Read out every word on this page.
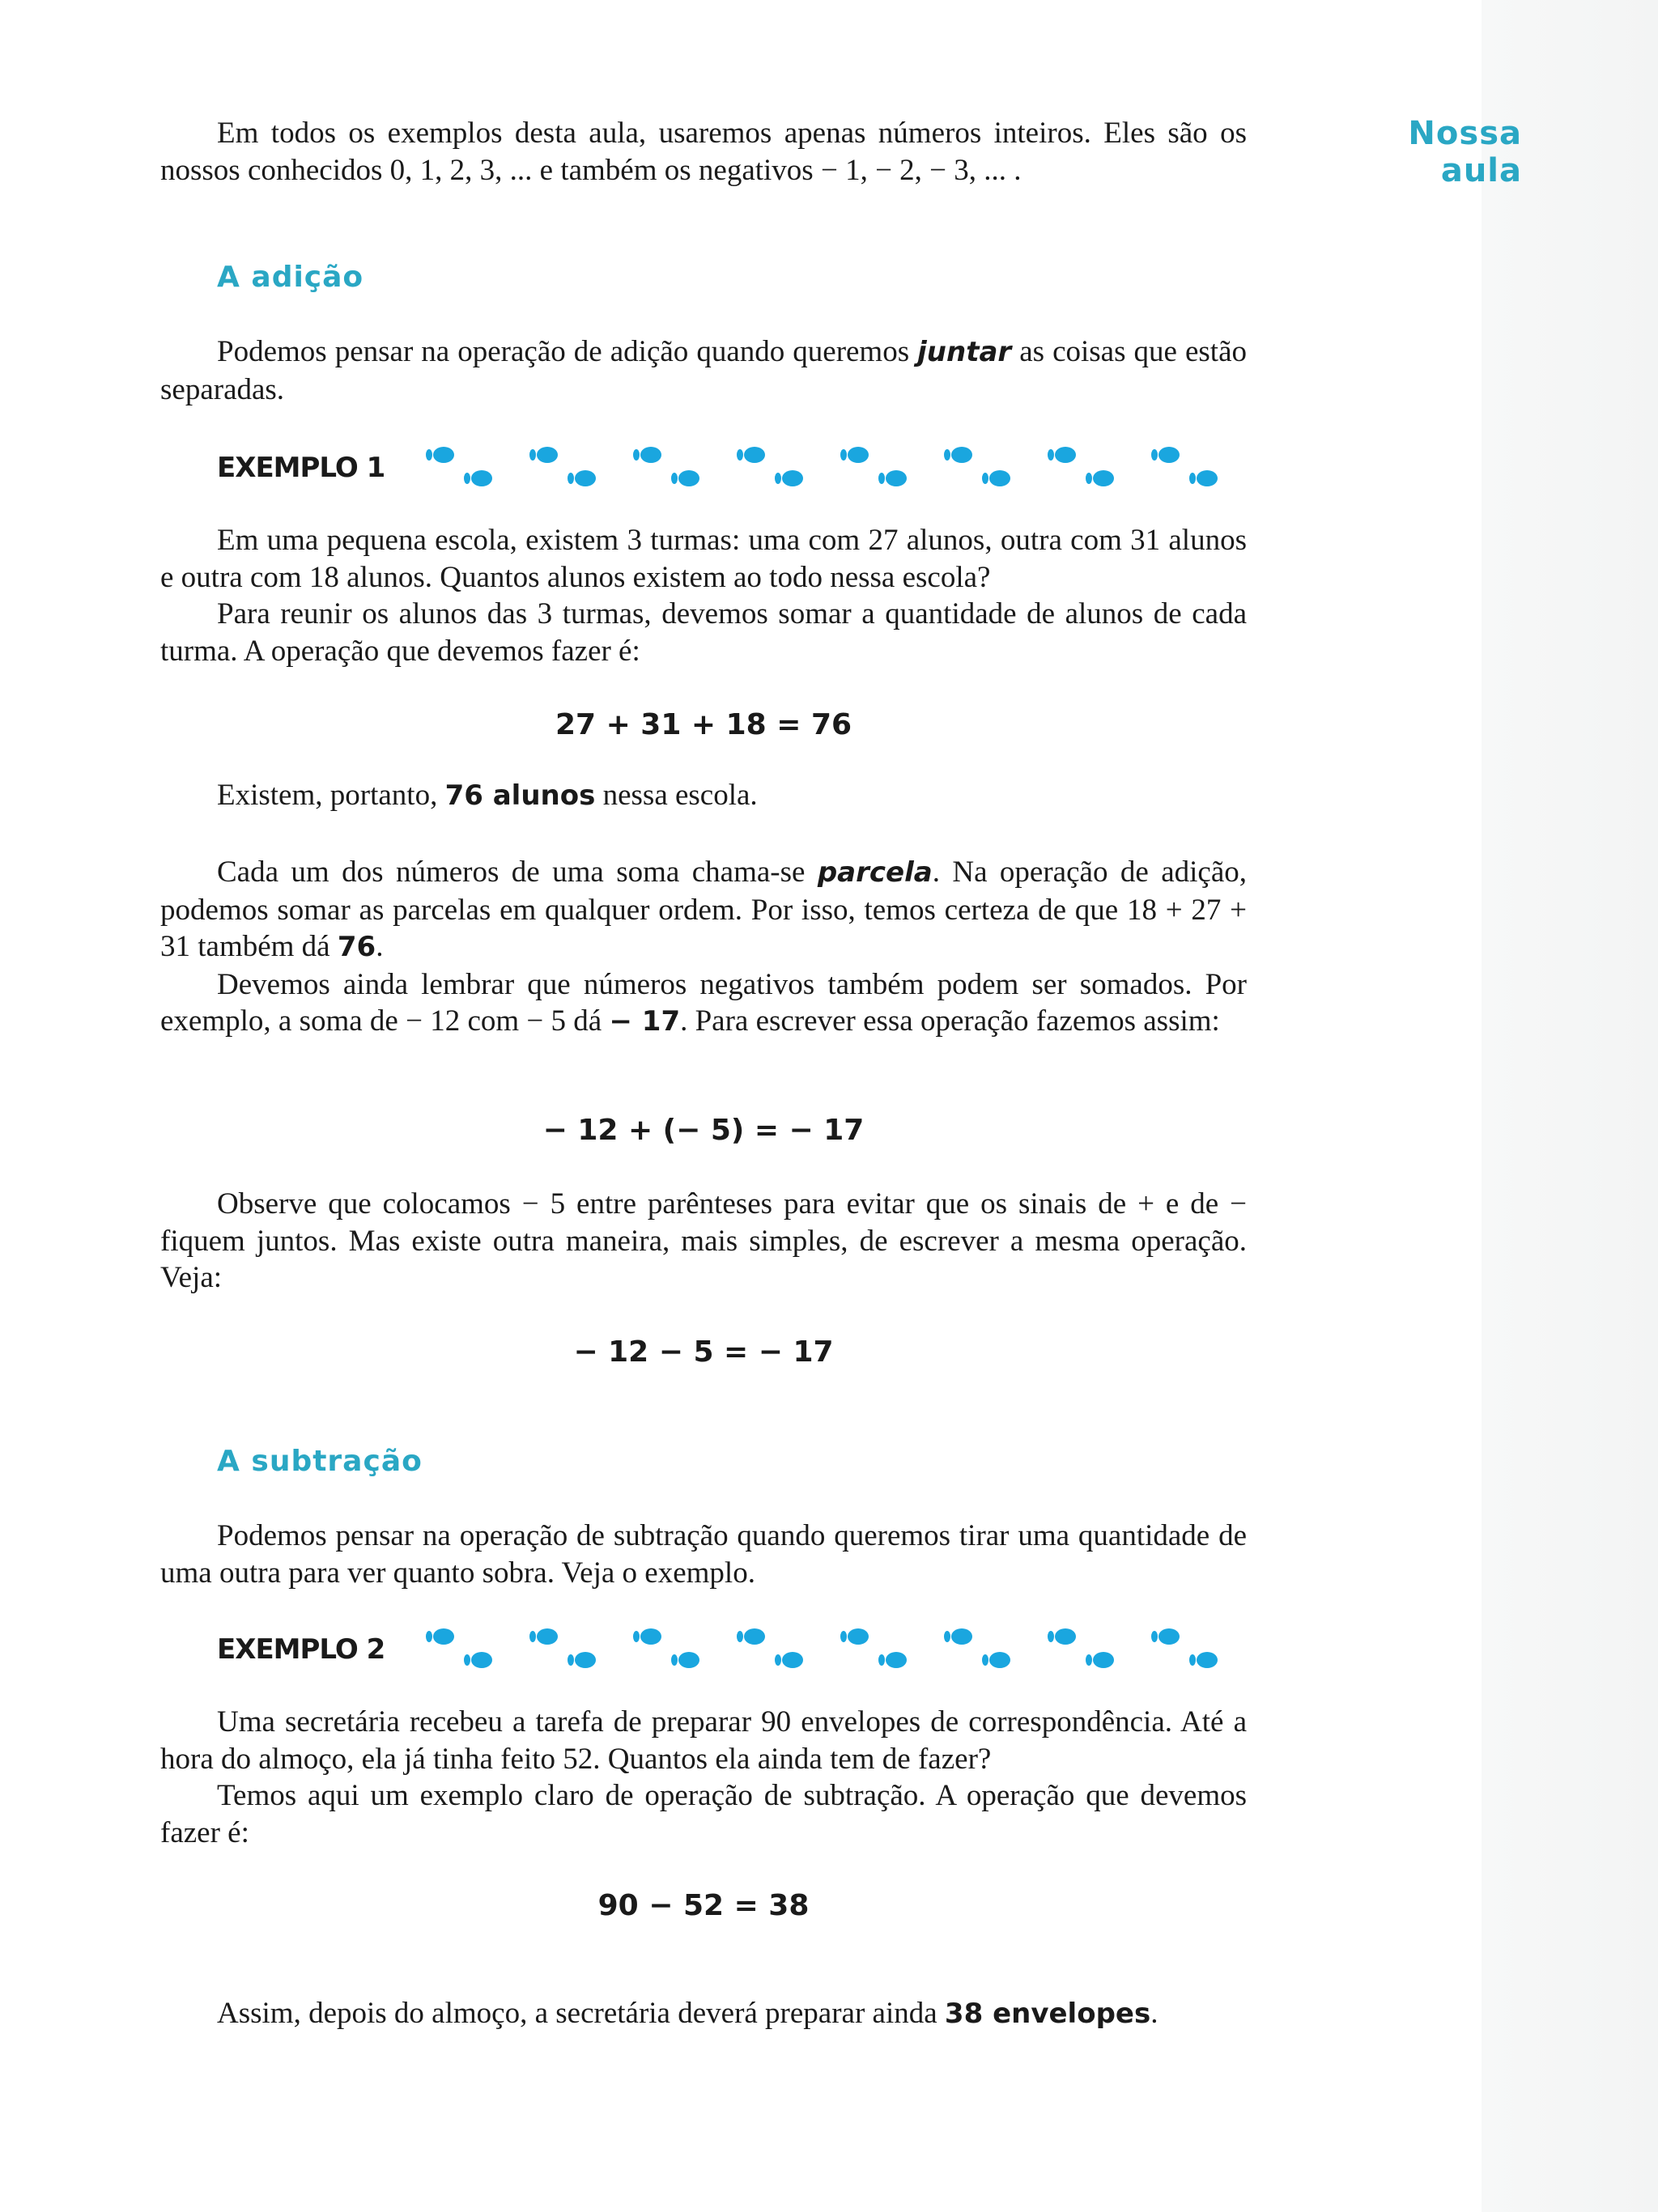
Nossa aula

Em todos os exemplos desta aula, usaremos apenas números inteiros. Eles são os nossos conhecidos 0, 1, 2, 3, ... e também os negativos − 1, − 2, − 3, ... .

A adição

Podemos pensar na operação de adição quando queremos juntar as coisas que estão separadas.

EXEMPLO 1

Em uma pequena escola, existem 3 turmas: uma com 27 alunos, outra com 31 alunos e outra com 18 alunos. Quantos alunos existem ao todo nessa escola?

Para reunir os alunos das 3 turmas, devemos somar a quantidade de alunos de cada turma. A operação que devemos fazer é:

27 + 31 + 18 = 76

Existem, portanto, 76 alunos nessa escola.

Cada um dos números de uma soma chama-se parcela. Na operação de adição, podemos somar as parcelas em qualquer ordem. Por isso, temos certeza de que 18 + 27 + 31 também dá 76.

Devemos ainda lembrar que números negativos também podem ser somados. Por exemplo, a soma de − 12 com − 5 dá − 17. Para escrever essa operação fazemos assim:

− 12 + (− 5) = − 17

Observe que colocamos − 5 entre parênteses para evitar que os sinais de + e de − fiquem juntos. Mas existe outra maneira, mais simples, de escrever a mesma operação. Veja:

− 12 − 5 = − 17
A subtração

Podemos pensar na operação de subtração quando queremos tirar uma quantidade de uma outra para ver quanto sobra. Veja o exemplo.

EXEMPLO 2

Uma secretária recebeu a tarefa de preparar 90 envelopes de correspondência. Até a hora do almoço, ela já tinha feito 52. Quantos ela ainda tem de fazer?

Temos aqui um exemplo claro de operação de subtração. A operação que devemos fazer é:

90 − 52 = 38

Assim, depois do almoço, a secretária deverá preparar ainda 38 envelopes.
